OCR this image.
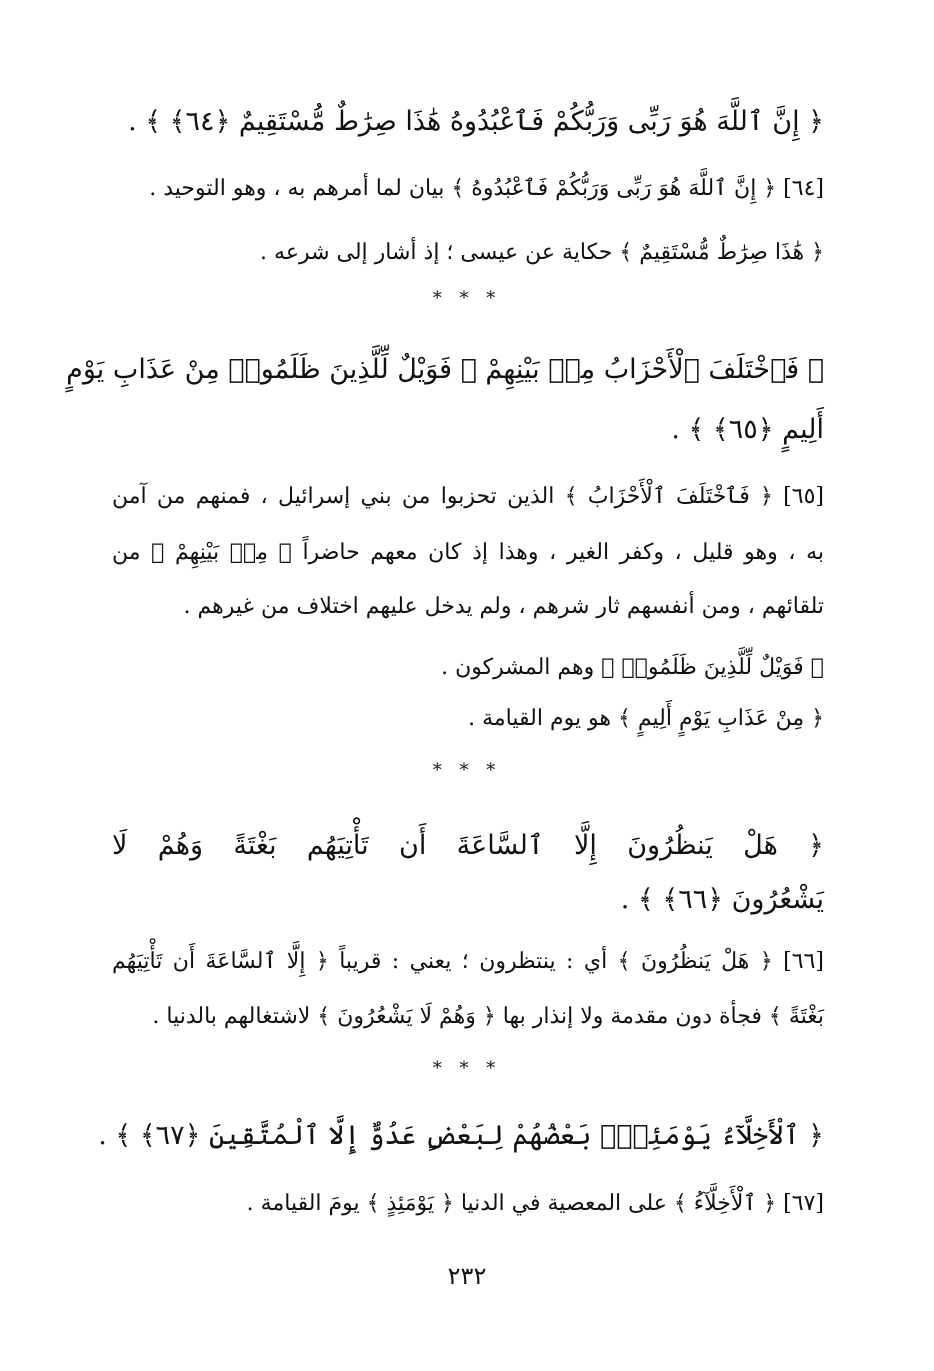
﴿ إِنَّ ٱللَّهَ هُوَ رَبِّى وَرَبُّكُمْ فَٱعْبُدُوهُ هَٰذَا صِرَٰطٌ مُّسْتَقِيمٌ ﴿٦٤﴾ ﴾ .

[٦٤] ﴿ إِنَّ ٱللَّهَ هُوَ رَبِّى وَرَبُّكُمْ فَٱعْبُدُوهُ ﴾ بيان لما أمرهم به ، وهو التوحيد .

﴿ هَٰذَا صِرَٰطٌ مُّسْتَقِيمٌ ﴾ حكاية عن عيسى ؛ إذ أشار إلى شرعه .

* * *

﴿ فَٱخْتَلَفَ ٱلْأَحْزَابُ مِنۢ بَيْنِهِمْ ۖ فَوَيْلٌ لِّلَّذِينَ ظَلَمُوا۟ مِنْ عَذَابِ يَوْمٍ

أَلِيمٍ ﴿٦٥﴾ ﴾ .

[٦٥] ﴿ فَٱخْتَلَفَ ٱلْأَحْزَابُ ﴾ الذين تحزبوا من بني إسرائيل ، فمنهم من آمن

به ، وهو قليل ، وكفر الغير ، وهذا إذ كان معهم حاضراً ﴿ مِنۢ بَيْنِهِمْ ﴾ من

تلقائهم ، ومن أنفسهم ثار شرهم ، ولم يدخل عليهم اختلاف من غيرهم .

﴿ فَوَيْلٌ لِّلَّذِينَ ظَلَمُوا۟ ﴾ وهم المشركون .

﴿ مِنْ عَذَابِ يَوْمٍ أَلِيمٍ ﴾ هو يوم القيامة .

* * *

﴿ هَلْ يَنظُرُونَ إِلَّا ٱلسَّاعَةَ أَن تَأْتِيَهُم بَغْتَةً وَهُمْ لَا

يَشْعُرُونَ ﴿٦٦﴾ ﴾ .

[٦٦] ﴿ هَلْ يَنظُرُونَ ﴾ أي : ينتظرون ؛ يعني : قريباً ﴿ إِلَّا ٱلسَّاعَةَ أَن تَأْتِيَهُم

بَغْتَةً ﴾ فجأة دون مقدمة ولا إنذار بها ﴿ وَهُمْ لَا يَشْعُرُونَ ﴾ لاشتغالهم بالدنيا .

* * *

﴿ ٱلْأَخِلَّآءُ يَوْمَئِذٍۭ بَعْضُهُمْ لِبَعْضٍ عَدُوٌّ إِلَّا ٱلْمُتَّقِينَ ﴿٦٧﴾ ﴾ .

[٦٧] ﴿ ٱلْأَخِلَّآءُ ﴾ على المعصية في الدنيا ﴿ يَوْمَئِذٍ ﴾ يومَ القيامة .

٢٣٢
